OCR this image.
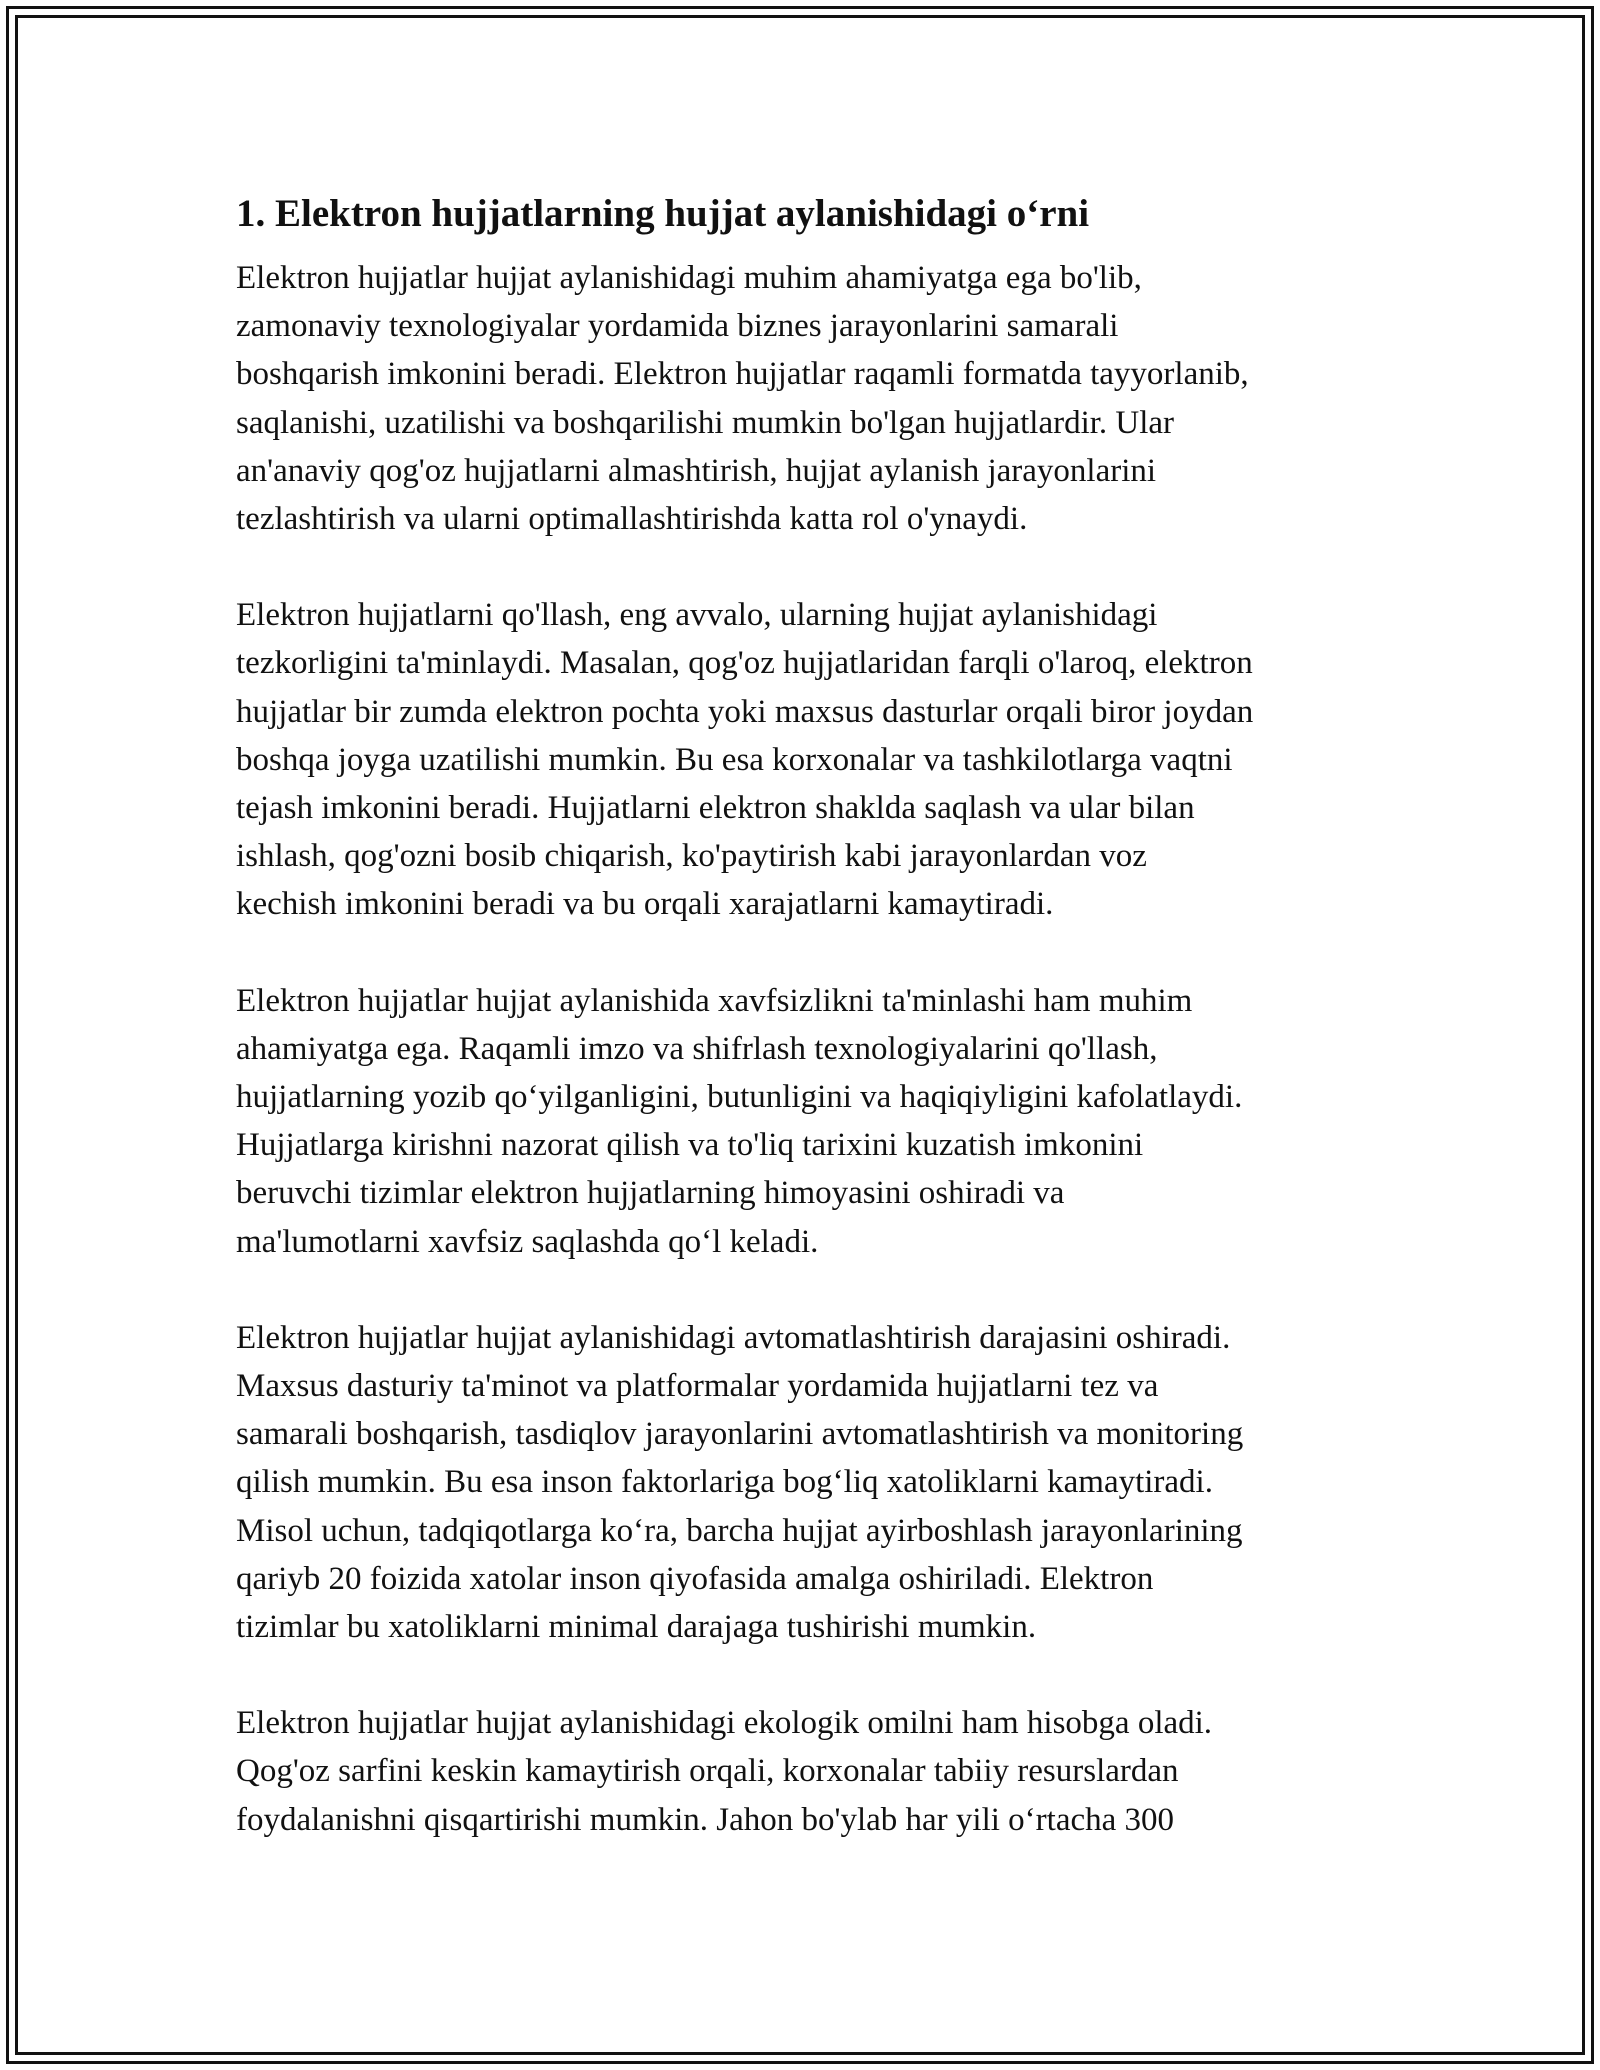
1. Elektron hujjatlarning hujjat aylanishidagi o‘rni

Elektron hujjatlar hujjat aylanishidagi muhim ahamiyatga ega bo'lib,
zamonaviy texnologiyalar yordamida biznes jarayonlarini samarali
boshqarish imkonini beradi. Elektron hujjatlar raqamli formatda tayyorlanib,
saqlanishi, uzatilishi va boshqarilishi mumkin bo'lgan hujjatlardir. Ular
an'anaviy qog'oz hujjatlarni almashtirish, hujjat aylanish jarayonlarini
tezlashtirish va ularni optimallashtirishda katta rol o'ynaydi.

Elektron hujjatlarni qo'llash, eng avvalo, ularning hujjat aylanishidagi
tezkorligini ta'minlaydi. Masalan, qog'oz hujjatlaridan farqli o'laroq, elektron
hujjatlar bir zumda elektron pochta yoki maxsus dasturlar orqali biror joydan
boshqa joyga uzatilishi mumkin. Bu esa korxonalar va tashkilotlarga vaqtni
tejash imkonini beradi. Hujjatlarni elektron shaklda saqlash va ular bilan
ishlash, qog'ozni bosib chiqarish, ko'paytirish kabi jarayonlardan voz
kechish imkonini beradi va bu orqali xarajatlarni kamaytiradi.

Elektron hujjatlar hujjat aylanishida xavfsizlikni ta'minlashi ham muhim
ahamiyatga ega. Raqamli imzo va shifrlash texnologiyalarini qo'llash,
hujjatlarning yozib qo‘yilganligini, butunligini va haqiqiyligini kafolatlaydi.
Hujjatlarga kirishni nazorat qilish va to'liq tarixini kuzatish imkonini
beruvchi tizimlar elektron hujjatlarning himoyasini oshiradi va
ma'lumotlarni xavfsiz saqlashda qo‘l keladi.

Elektron hujjatlar hujjat aylanishidagi avtomatlashtirish darajasini oshiradi.
Maxsus dasturiy ta'minot va platformalar yordamida hujjatlarni tez va
samarali boshqarish, tasdiqlov jarayonlarini avtomatlashtirish va monitoring
qilish mumkin. Bu esa inson faktorlariga bog‘liq xatoliklarni kamaytiradi.
Misol uchun, tadqiqotlarga ko‘ra, barcha hujjat ayirboshlash jarayonlarining
qariyb 20 foizida xatolar inson qiyofasida amalga oshiriladi. Elektron
tizimlar bu xatoliklarni minimal darajaga tushirishi mumkin.

Elektron hujjatlar hujjat aylanishidagi ekologik omilni ham hisobga oladi.
Qog'oz sarfini keskin kamaytirish orqali, korxonalar tabiiy resurslardan
foydalanishni qisqartirishi mumkin. Jahon bo'ylab har yili o‘rtacha 300
